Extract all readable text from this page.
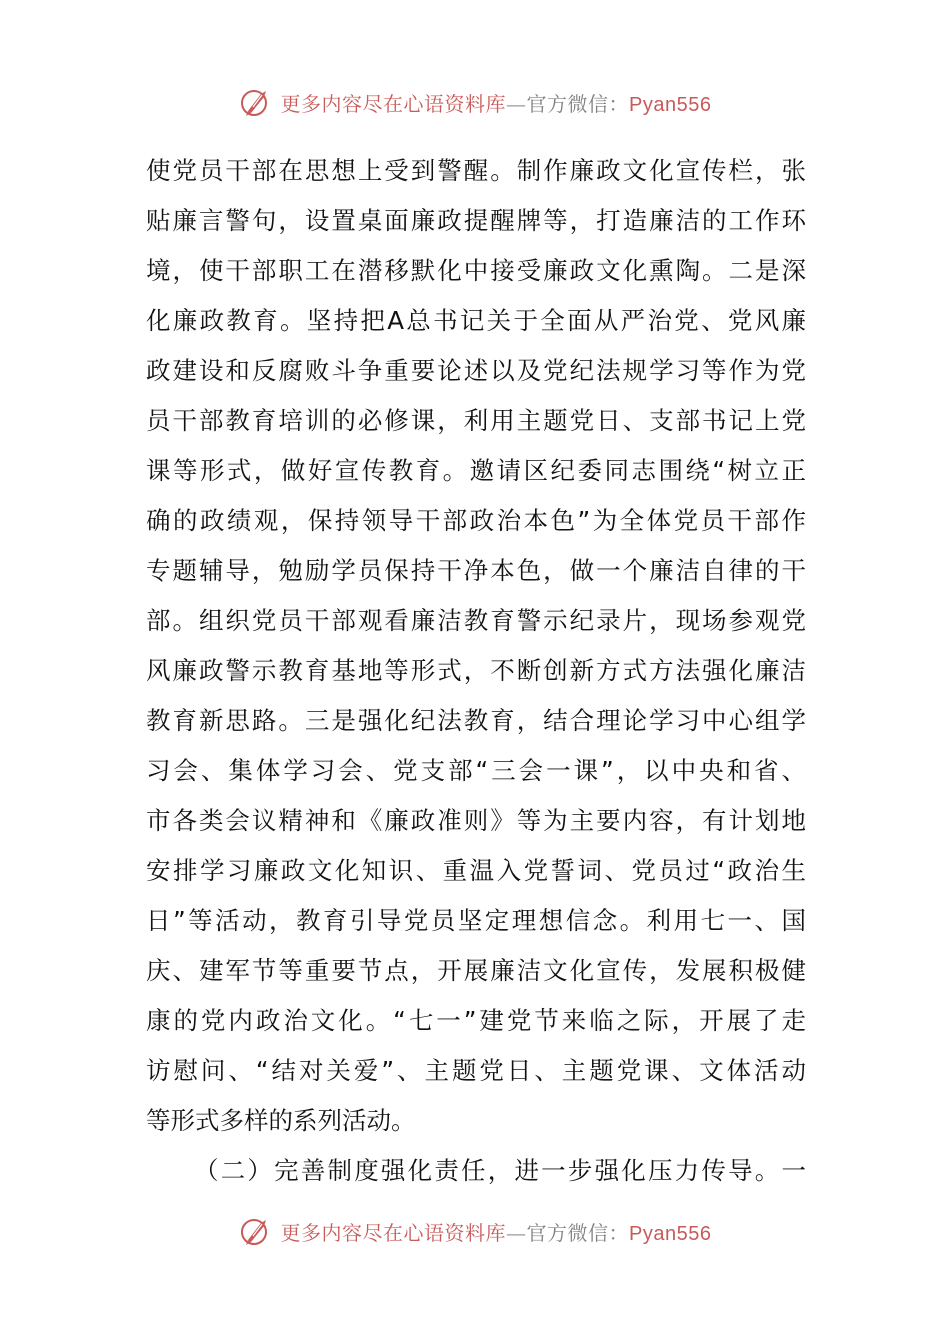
更多内容尽在心语资料库—官方微信：Pyan556
使党员干部在思想上受到警醒。制作廉政文化宣传栏，张
贴廉言警句，设置桌面廉政提醒牌等，打造廉洁的工作环
境，使干部职工在潜移默化中接受廉政文化熏陶。二是深
化廉政教育。坚持把A总书记关于全面从严治党、党风廉
政建设和反腐败斗争重要论述以及党纪法规学习等作为党
员干部教育培训的必修课，利用主题党日、支部书记上党
课等形式，做好宣传教育。邀请区纪委同志围绕“树立正
确的政绩观，保持领导干部政治本色”为全体党员干部作
专题辅导，勉励学员保持干净本色，做一个廉洁自律的干
部。组织党员干部观看廉洁教育警示纪录片，现场参观党
风廉政警示教育基地等形式，不断创新方式方法强化廉洁
教育新思路。三是强化纪法教育，结合理论学习中心组学
习会、集体学习会、党支部“三会一课”，以中央和省、
市各类会议精神和《廉政准则》等为主要内容，有计划地
安排学习廉政文化知识、重温入党誓词、党员过“政治生
日”等活动，教育引导党员坚定理想信念。利用七一、国
庆、建军节等重要节点，开展廉洁文化宣传，发展积极健
康的党内政治文化。“七一”建党节来临之际，开展了走
访慰问、“结对关爱”、主题党日、主题党课、文体活动
等形式多样的系列活动。
（二）完善制度强化责任，进一步强化压力传导。一
更多内容尽在心语资料库—官方微信：Pyan556
